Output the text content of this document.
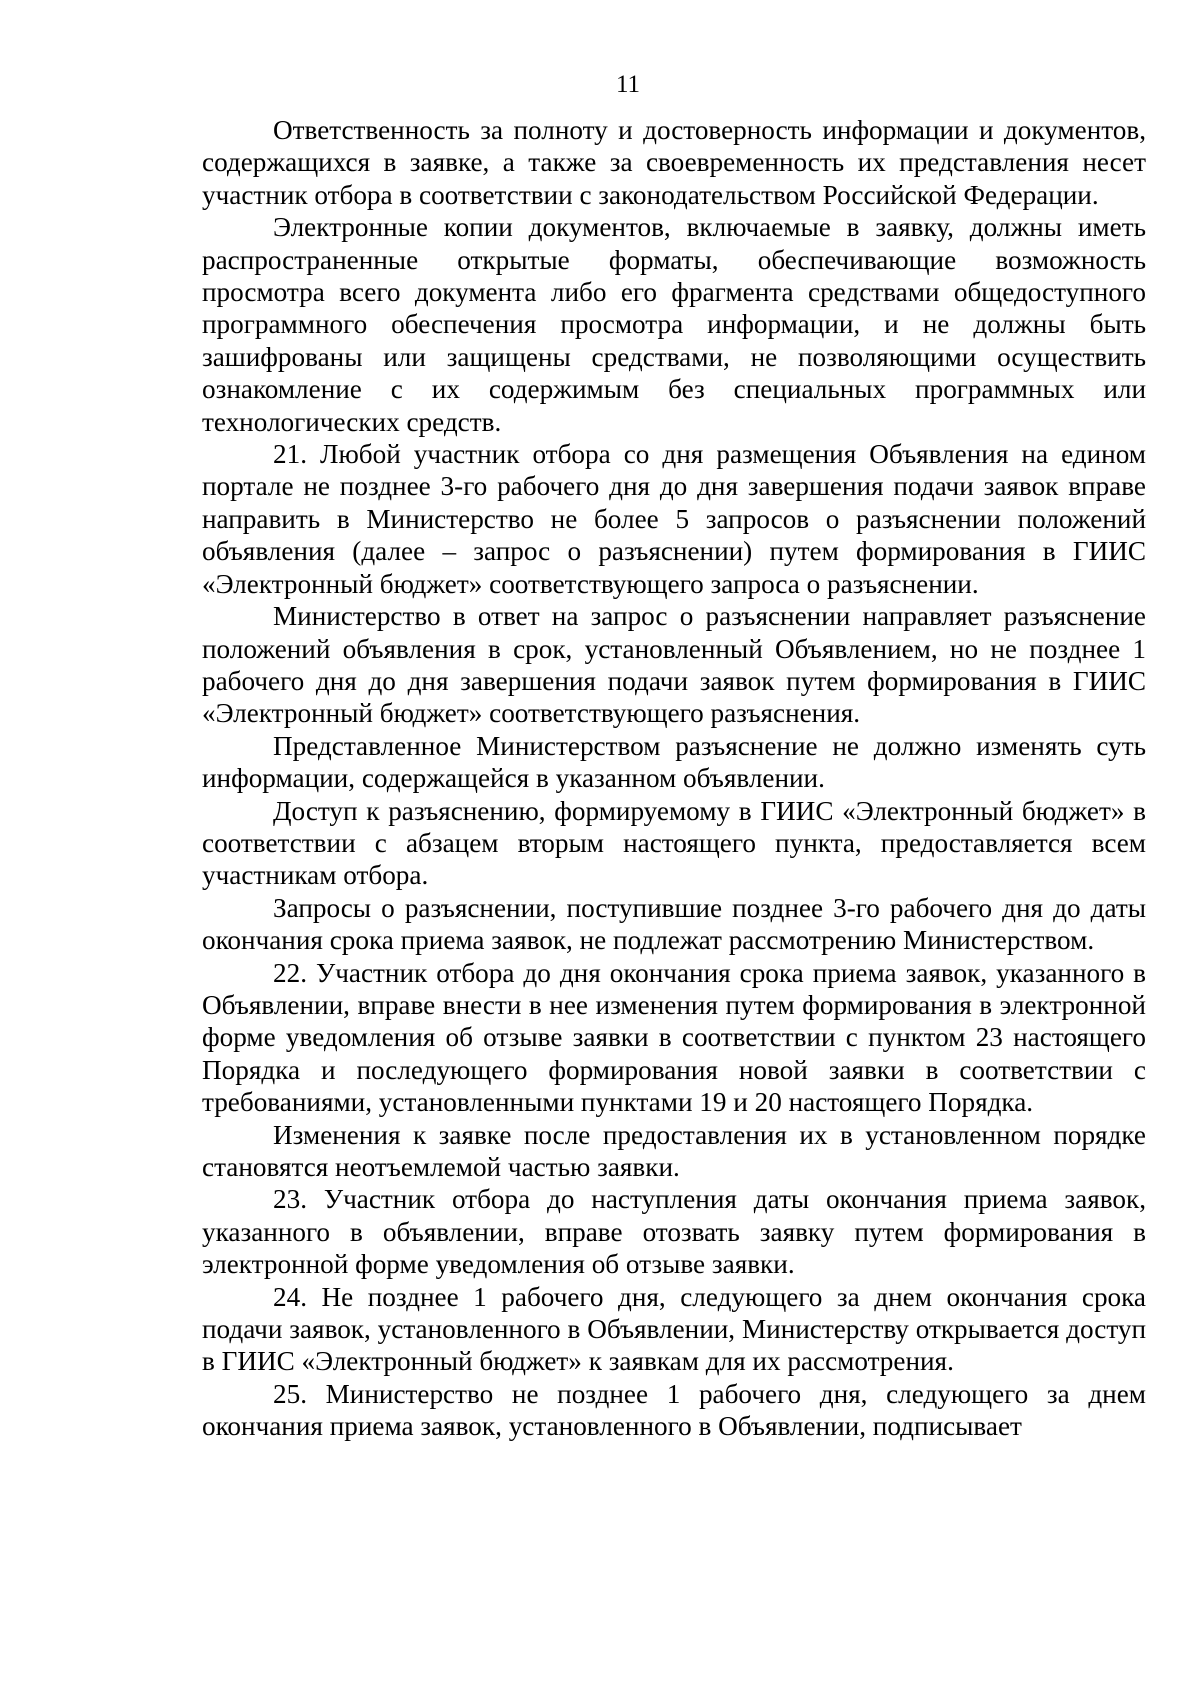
11

Ответственность за полноту и достоверность информации и документов, содержащихся в заявке, а также за своевременность их представления несет участник отбора в соответствии с законодательством Российской Федерации.

Электронные копии документов, включаемые в заявку, должны иметь распространенные открытые форматы, обеспечивающие возможность просмотра всего документа либо его фрагмента средствами общедоступного программного обеспечения просмотра информации, и не должны быть зашифрованы или защищены средствами, не позволяющими осуществить ознакомление с их содержимым без специальных программных или технологических средств.

21. Любой участник отбора со дня размещения Объявления на едином портале не позднее 3-го рабочего дня до дня завершения подачи заявок вправе направить в Министерство не более 5 запросов о разъяснении положений объявления (далее – запрос о разъяснении) путем формирования в ГИИС «Электронный бюджет» соответствующего запроса о разъяснении.

Министерство в ответ на запрос о разъяснении направляет разъяснение положений объявления в срок, установленный Объявлением, но не позднее 1 рабочего дня до дня завершения подачи заявок путем формирования в ГИИС «Электронный бюджет» соответствующего разъяснения.

Представленное Министерством разъяснение не должно изменять суть информации, содержащейся в указанном объявлении.

Доступ к разъяснению, формируемому в ГИИС «Электронный бюджет» в соответствии с абзацем вторым настоящего пункта, предоставляется всем участникам отбора.

Запросы о разъяснении, поступившие позднее 3-го рабочего дня до даты окончания срока приема заявок, не подлежат рассмотрению Министерством.

22. Участник отбора до дня окончания срока приема заявок, указанного в Объявлении, вправе внести в нее изменения путем формирования в электронной форме уведомления об отзыве заявки в соответствии с пунктом 23 настоящего Порядка и последующего формирования новой заявки в соответствии с требованиями, установленными пунктами 19 и 20 настоящего Порядка.

Изменения к заявке после предоставления их в установленном порядке становятся неотъемлемой частью заявки.

23. Участник отбора до наступления даты окончания приема заявок, указанного в объявлении, вправе отозвать заявку путем формирования в электронной форме уведомления об отзыве заявки.

24. Не позднее 1 рабочего дня, следующего за днем окончания срока подачи заявок, установленного в Объявлении, Министерству открывается доступ в ГИИС «Электронный бюджет» к заявкам для их рассмотрения.

25. Министерство не позднее 1 рабочего дня, следующего за днем окончания приема заявок, установленного в Объявлении, подписывает
